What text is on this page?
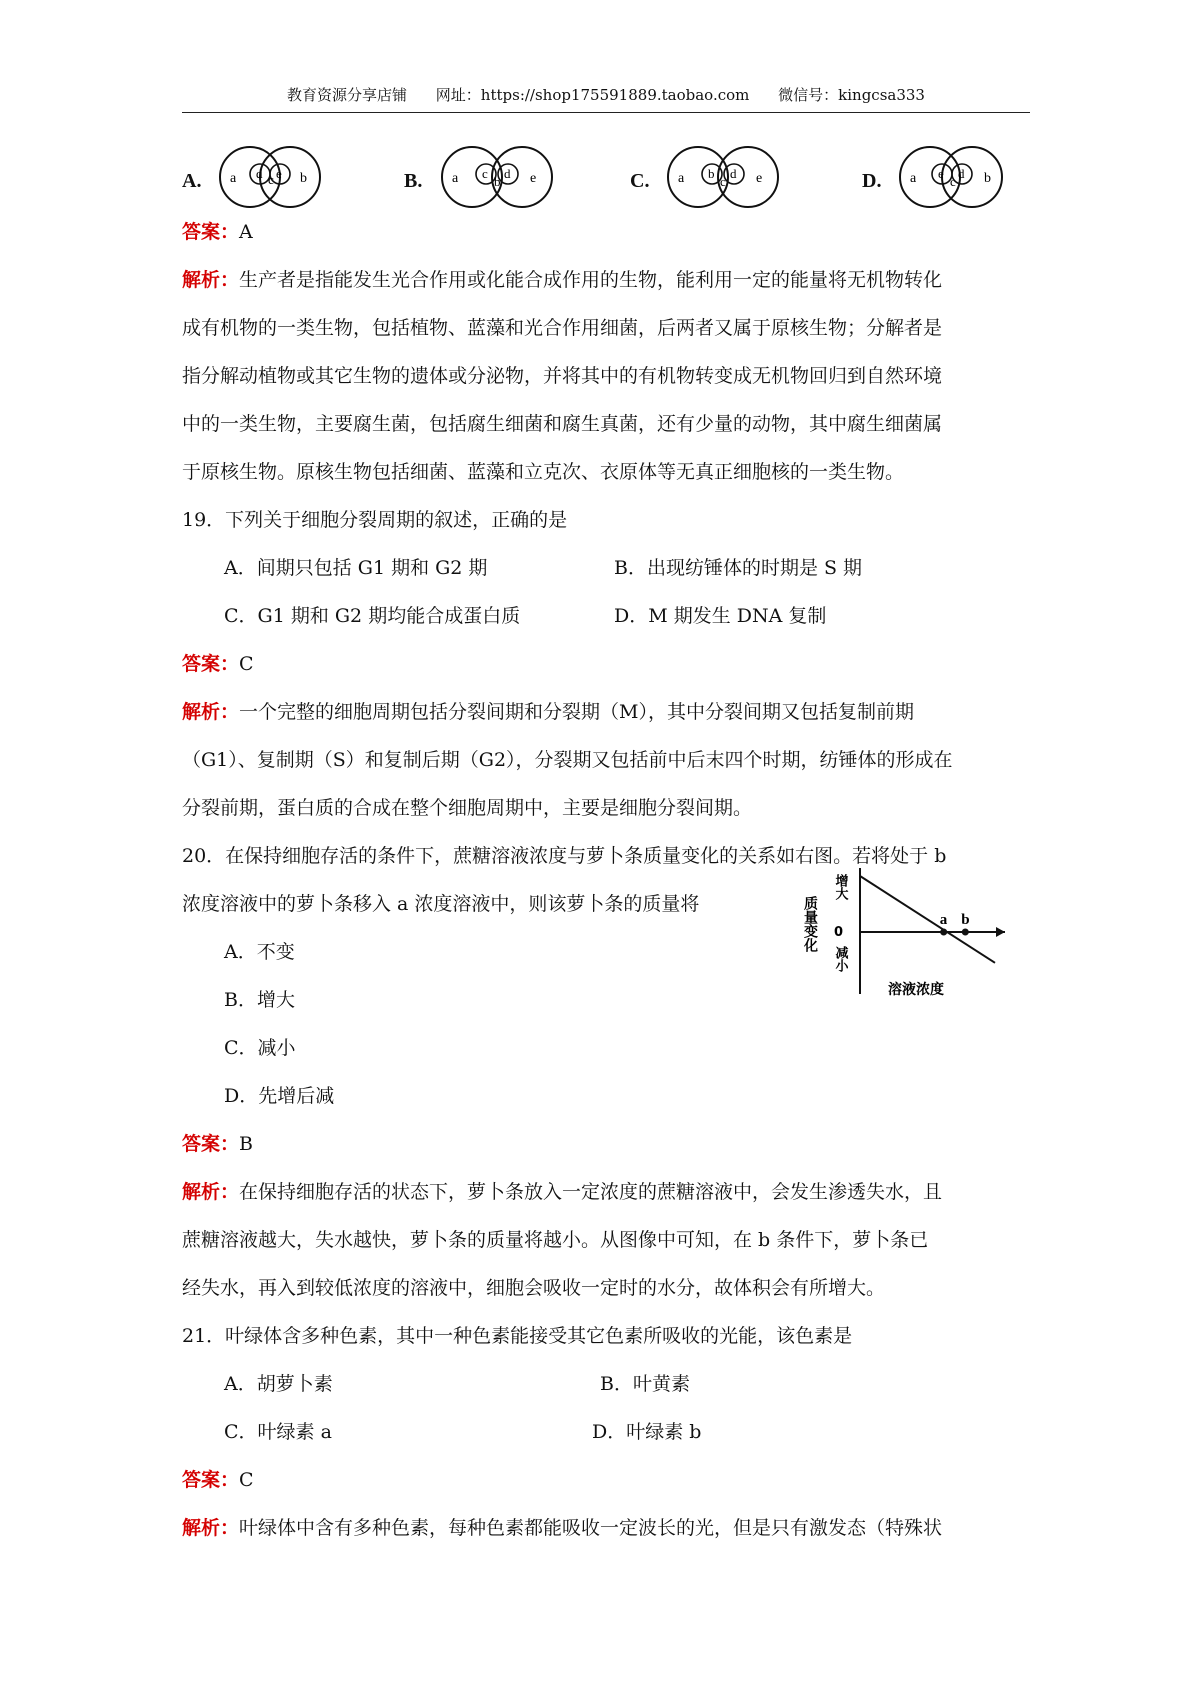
教育资源分享店铺 网址：https://shop175591889.taobao.com 微信号：kingcsa333
A. a d c e b	B. a c
b
d e	C. a b
c
d e	D. a e
c
d b
答案：A
解析：生产者是指能发生光合作用或化能合成作用的生物，能利用一定的能量将无机物转化
成有机物的一类生物，包括植物、蓝藻和光合作用细菌，后两者又属于原核生物；分解者是
指分解动植物或其它生物的遗体或分泌物，并将其中的有机物转变成无机物回归到自然环境
中的一类生物，主要腐生菌，包括腐生细菌和腐生真菌，还有少量的动物，其中腐生细菌属
于原核生物。原核生物包括细菌、蓝藻和立克次、衣原体等无真正细胞核的一类生物。
19．下列关于细胞分裂周期的叙述，正确的是
A．间期只包括 G1 期和 G2 期	B．出现纺锤体的时期是 S 期
C．G1 期和 G2 期均能合成蛋白质	D．M 期发生 DNA 复制
答案：C
解析：一个完整的细胞周期包括分裂间期和分裂期（M），其中分裂间期又包括复制前期
（G1）、复制期（S）和复制后期（G2），分裂期又包括前中后末四个时期，纺锤体的形成在
分裂前期，蛋白质的合成在整个细胞周期中，主要是细胞分裂间期。
20．在保持细胞存活的条件下，蔗糖溶液浓度与萝卜条质量变化的关系如右图。若将处于 b
浓度溶液中的萝卜条移入 a 浓度溶液中，则该萝卜条的质量将
A．不变
B．增大
C．减小
D．先增后减
质量变化
增大
0
减小
溶液浓度
a b
答案：B
解析：在保持细胞存活的状态下，萝卜条放入一定浓度的蔗糖溶液中，会发生渗透失水，且
蔗糖溶液越大，失水越快，萝卜条的质量将越小。从图像中可知，在 b 条件下，萝卜条已
经失水，再入到较低浓度的溶液中，细胞会吸收一定时的水分，故体积会有所增大。
21．叶绿体含多种色素，其中一种色素能接受其它色素所吸收的光能，该色素是
A．胡萝卜素	B．叶黄素
C．叶绿素 a	D．叶绿素 b
答案：C
解析：叶绿体中含有多种色素，每种色素都能吸收一定波长的光，但是只有激发态（特殊状
